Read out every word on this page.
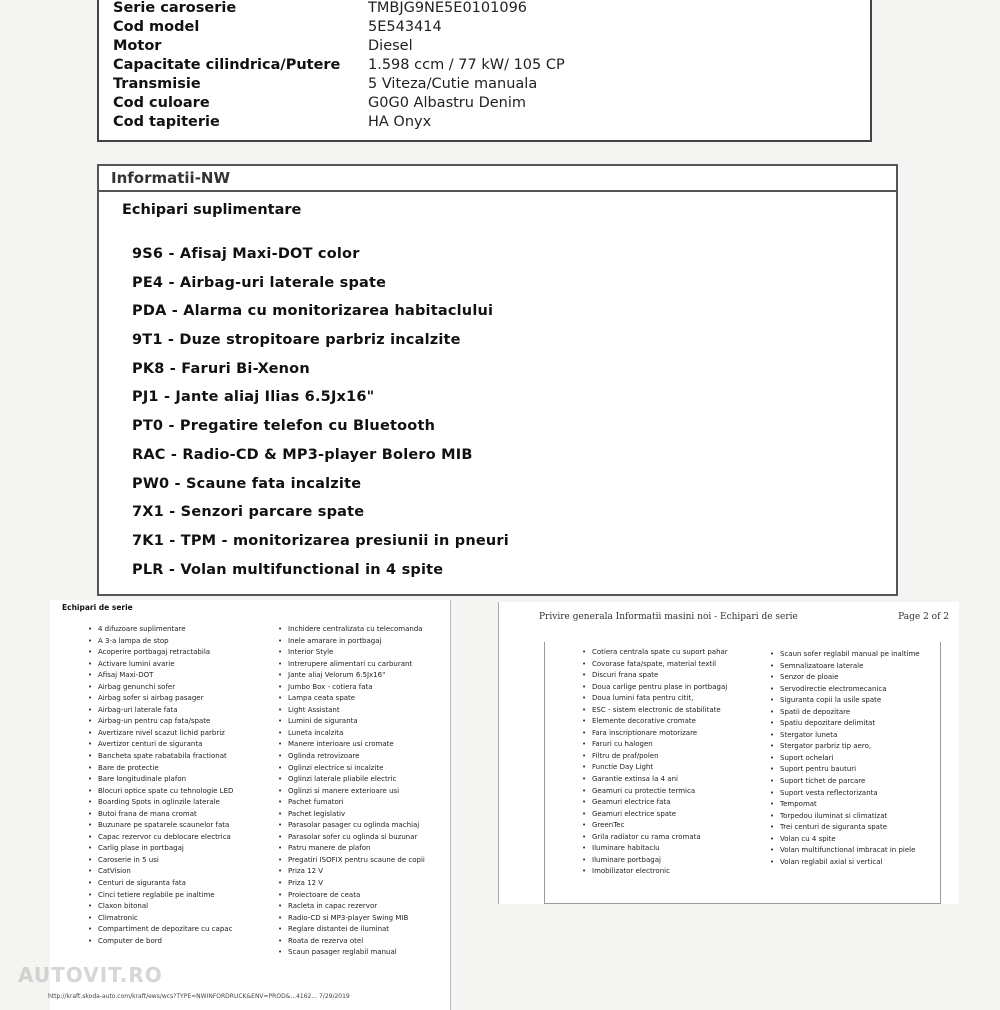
Serie caroserie	TMBJG9NE5E0101096
Cod model	5E543414
Motor	Diesel
Capacitate cilindrica/Putere 1.598 ccm / 77 kW/ 105 CP
Transmisie	5 Viteza/Cutie manuala
Cod culoare	G0G0 Albastru Denim
Cod tapiterie	HA Onyx
Informatii-NW
Echipari suplimentare
9S6 - Afisaj Maxi-DOT color
PE4 - Airbag-uri laterale spate
PDA - Alarma cu monitorizarea habitaclului
9T1 - Duze stropitoare parbriz incalzite
PK8 - Faruri Bi-Xenon
PJ1 - Jante aliaj Ilias 6.5Jx16"
PT0 - Pregatire telefon cu Bluetooth
RAC - Radio-CD & MP3-player Bolero MIB
PW0 - Scaune fata incalzite
7X1 - Senzori parcare spate
7K1 - TPM - monitorizarea presiunii in pneuri
PLR - Volan multifunctional in 4 spite
Echipari de serie
• 4 difuzoare suplimentare
• A 3-a lampa de stop
• Acoperire portbagaj retractabila
• Activare lumini avarie
• Afisaj Maxi-DOT
• Airbag genunchi sofer
• Airbag sofer si airbag pasager
• Airbag-uri laterale fata
• Airbag-un pentru cap fata/spate
• Avertizare nivel scazut lichid parbriz
• Avertizor centuri de siguranta
• Bancheta spate rabatabila fractionat
• Bare de protectie
• Bare longitudinale plafon
• Blocuri optice spate cu tehnologie LED
• Boarding Spots in oglinzile laterale
• Butoi frana de mana cromat
• Buzunare pe spatarele scaunelor fata
• Capac rezervor cu deblocare electrica
• Carlig plase in portbagaj
• Caroserie in 5 usi
• CatVision
• Centuri de siguranta fata
• Cinci tetiere reglabile pe inaltime
• Claxon bitonal
• Climatronic
• Compartiment de depozitare cu capac
• Computer de bord
• Inchidere centralizata cu telecomanda
• Inele amarare in portbagaj
• Interior Style
• Intrerupere alimentari cu carburant
• Jante aliaj Velorum 6.5Jx16"
• Jumbo Box - cotiera fata
• Lampa ceata spate
• Light Assistant
• Lumini de siguranta
• Luneta incalzita
• Manere interioare usi cromate
• Oglinda retrovizoare
• Oglinzi electrice si incalzite
• Oglinzi laterale pliabile electric
• Oglinzi si manere exterioare usi
• Pachet fumatori
• Pachet legislativ
• Parasolar pasager cu oglinda machiaj
• Parasolar sofer cu oglinda si buzunar
• Patru manere de plafon
• Pregatiri ISOFIX pentru scaune de copii
• Priza 12 V
• Priza 12 V
• Proiectoare de ceata
• Racleta in capac rezervor
• Radio-CD si MP3-player Swing MIB
• Reglare distantei de iluminat
• Roata de rezerva otel
• Scaun pasager reglabil manual
Privire generala Informatii masini noi - Echipari de serie	Page 2 of 2
• Cotiera centrala spate cu suport pahar
• Covorase fata/spate, material textil
• Discuri frana spate
• Doua carlige pentru plase in portbagaj
• Doua lumini fata pentru citit,
• ESC - sistem electronic de stabilitate
• Elemente decorative cromate
• Fara inscriptionare motorizare
• Faruri cu halogen
• Filtru de praf/polen
• Functie Day Light
• Garantie extinsa la 4 ani
• Geamuri cu protectie termica
• Geamuri electrice fata
• Geamuri electrice spate
• GreenTec
• Grila radiator cu rama cromata
• Iluminare habitaclu
• Iluminare portbagaj
• Imobilizator electronic
• Scaun sofer reglabil manual pe inaltime
• Semnalizatoare laterale
• Senzor de ploaie
• Servodirectie electromecanica
• Siguranta copii la usile spate
• Spatii de depozitare
• Spatiu depozitare delimitat
• Stergator luneta
• Stergator parbriz tip aero,
• Suport ochelari
• Suport pentru bauturi
• Suport tichet de parcare
• Suport vesta reflectorizanta
• Tempomat
• Torpedou iluminat si climatizat
• Trei centuri de siguranta spate
• Volan cu 4 spite
• Volan multifunctional imbracat in piele
• Volan reglabil axial si vertical
AUTOVIT.RO
http://kraft.skoda-auto.com/kraft/ews/wcs?TYPE=NWINFORDRUCK&ENV=PROD&...4162... 7/29/2019
